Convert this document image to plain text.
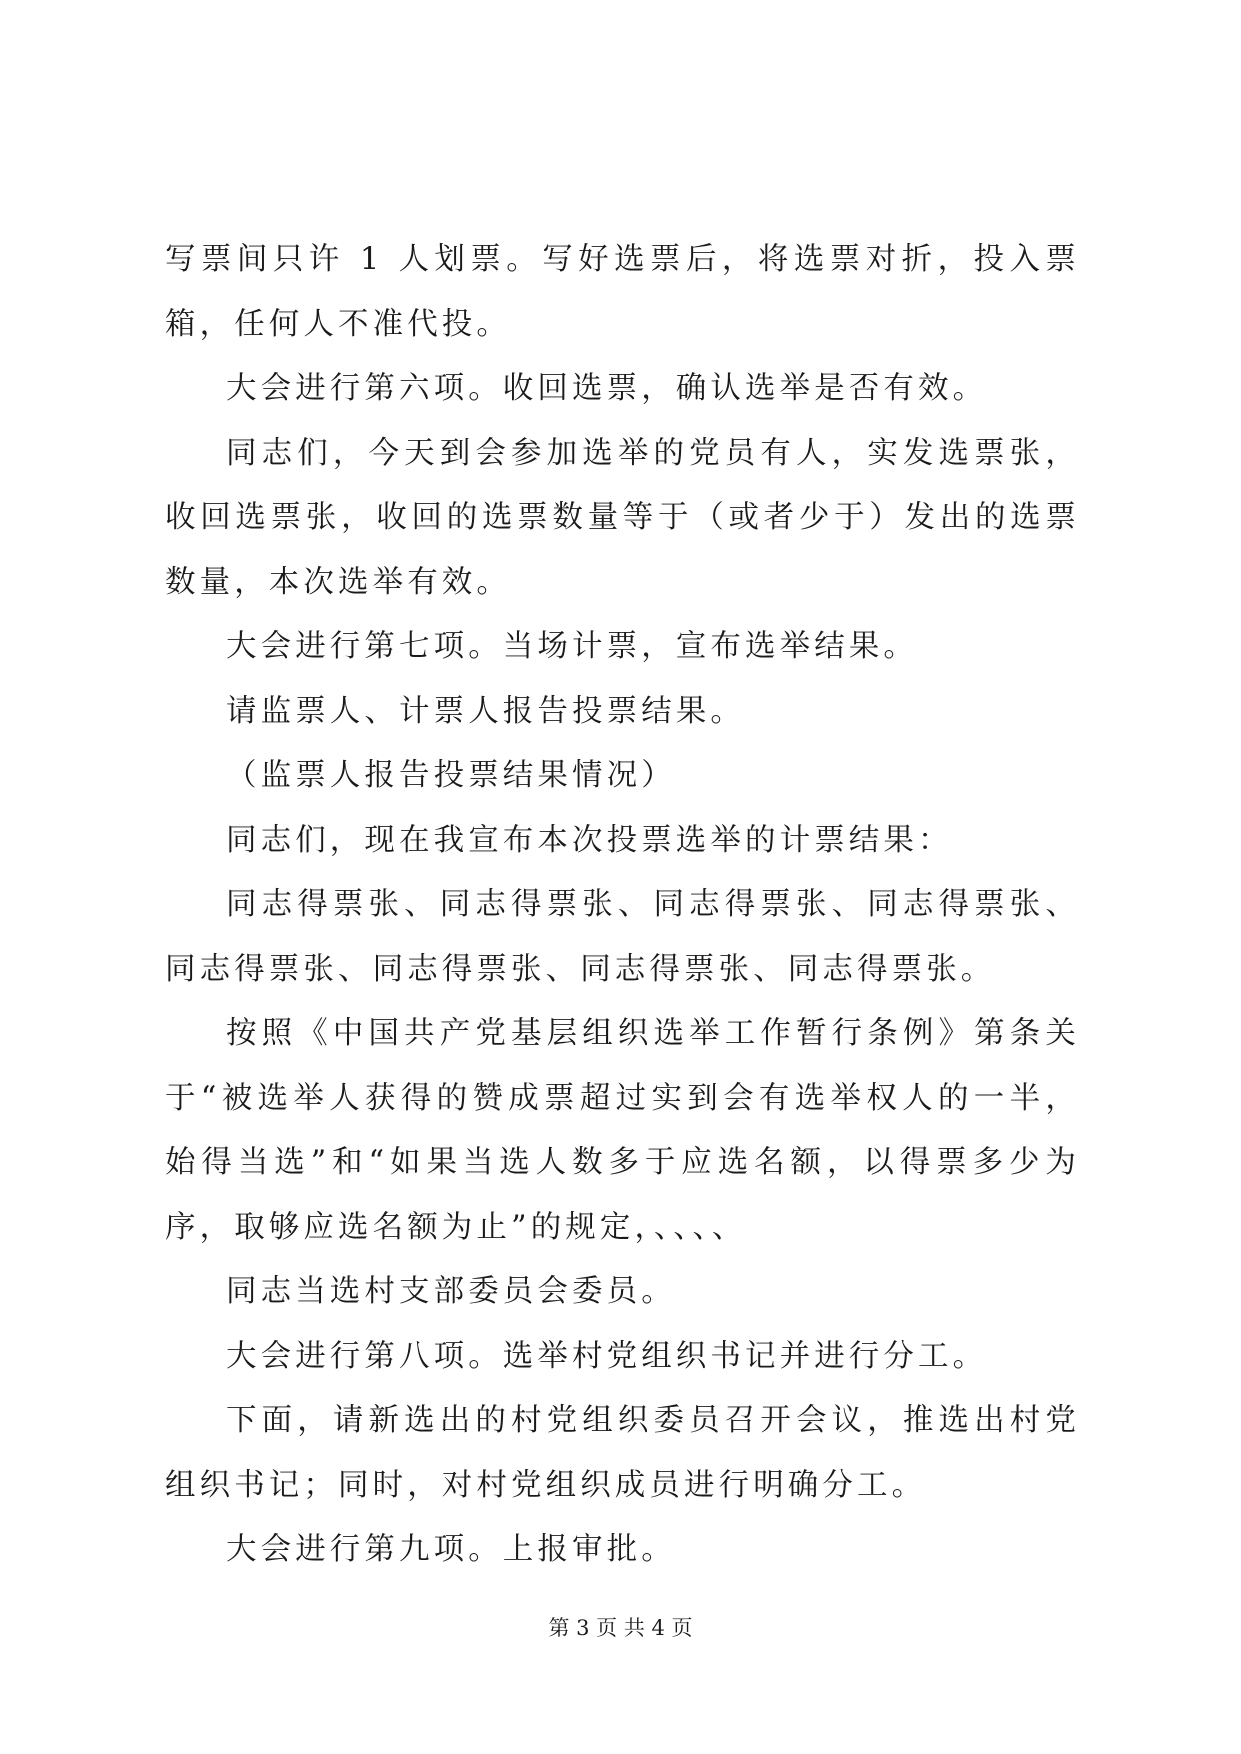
写票间只许 1 人划票。写好选票后，将选票对折，投入票箱，任何人不准代投。

大会进行第六项。收回选票，确认选举是否有效。

同志们，今天到会参加选举的党员有人，实发选票张，收回选票张，收回的选票数量等于（或者少于）发出的选票数量，本次选举有效。

大会进行第七项。当场计票，宣布选举结果。

请监票人、计票人报告投票结果。

（监票人报告投票结果情况）

同志们，现在我宣布本次投票选举的计票结果：

同志得票张、同志得票张、同志得票张、同志得票张、同志得票张、同志得票张、同志得票张、同志得票张。

按照《中国共产党基层组织选举工作暂行条例》第条关于“被选举人获得的赞成票超过实到会有选举权人的一半，始得当选”和“如果当选人数多于应选名额，以得票多少为序，取够应选名额为止”的规定，、、、、

同志当选村支部委员会委员。

大会进行第八项。选举村党组织书记并进行分工。

下面，请新选出的村党组织委员召开会议，推选出村党组织书记；同时，对村党组织成员进行明确分工。

大会进行第九项。上报审批。

第 3 页 共 4 页
